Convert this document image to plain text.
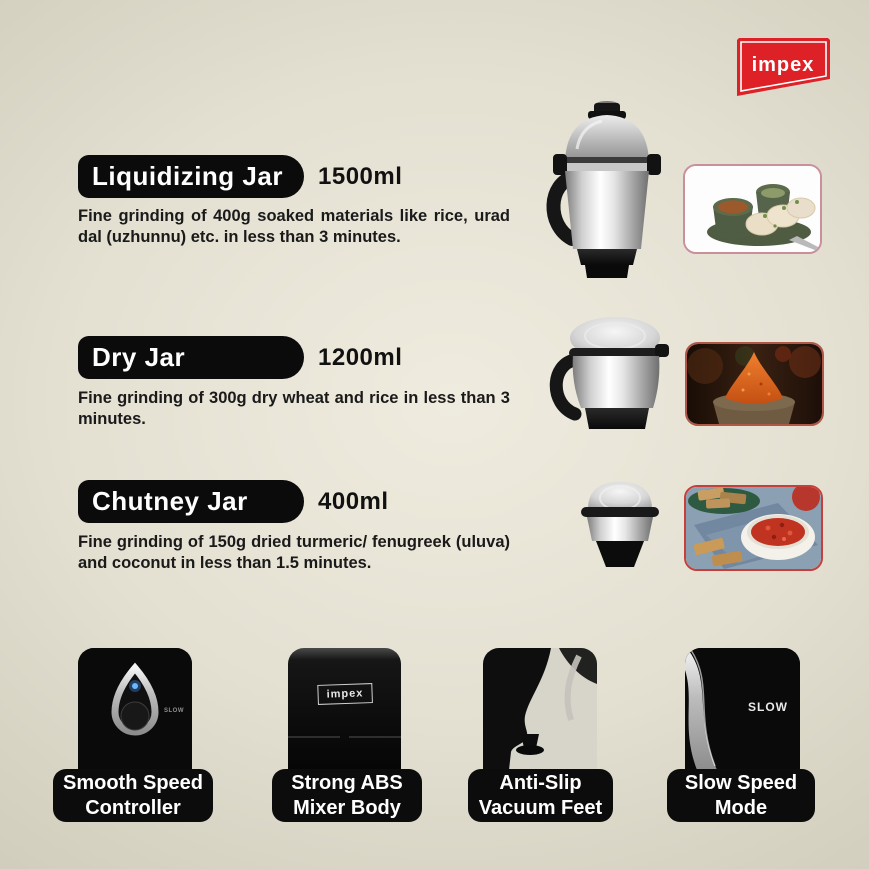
impex
Liquidizing Jar	1500ml

Fine grinding of 400g soaked materials like rice, urad dal (uzhunnu) etc. in less than 3 minutes.

Dry Jar	1200ml

Fine grinding of 300g dry wheat and rice in less than 3 minutes.

Chutney Jar	400ml

Fine grinding of 150g dried turmeric/ fenugreek (uluva) and coconut in less than 1.5 minutes.

SLOW
Smooth Speed
Controller
impex
Strong ABS
Mixer Body
Anti-Slip
Vacuum Feet
SLOW
Slow Speed
Mode
